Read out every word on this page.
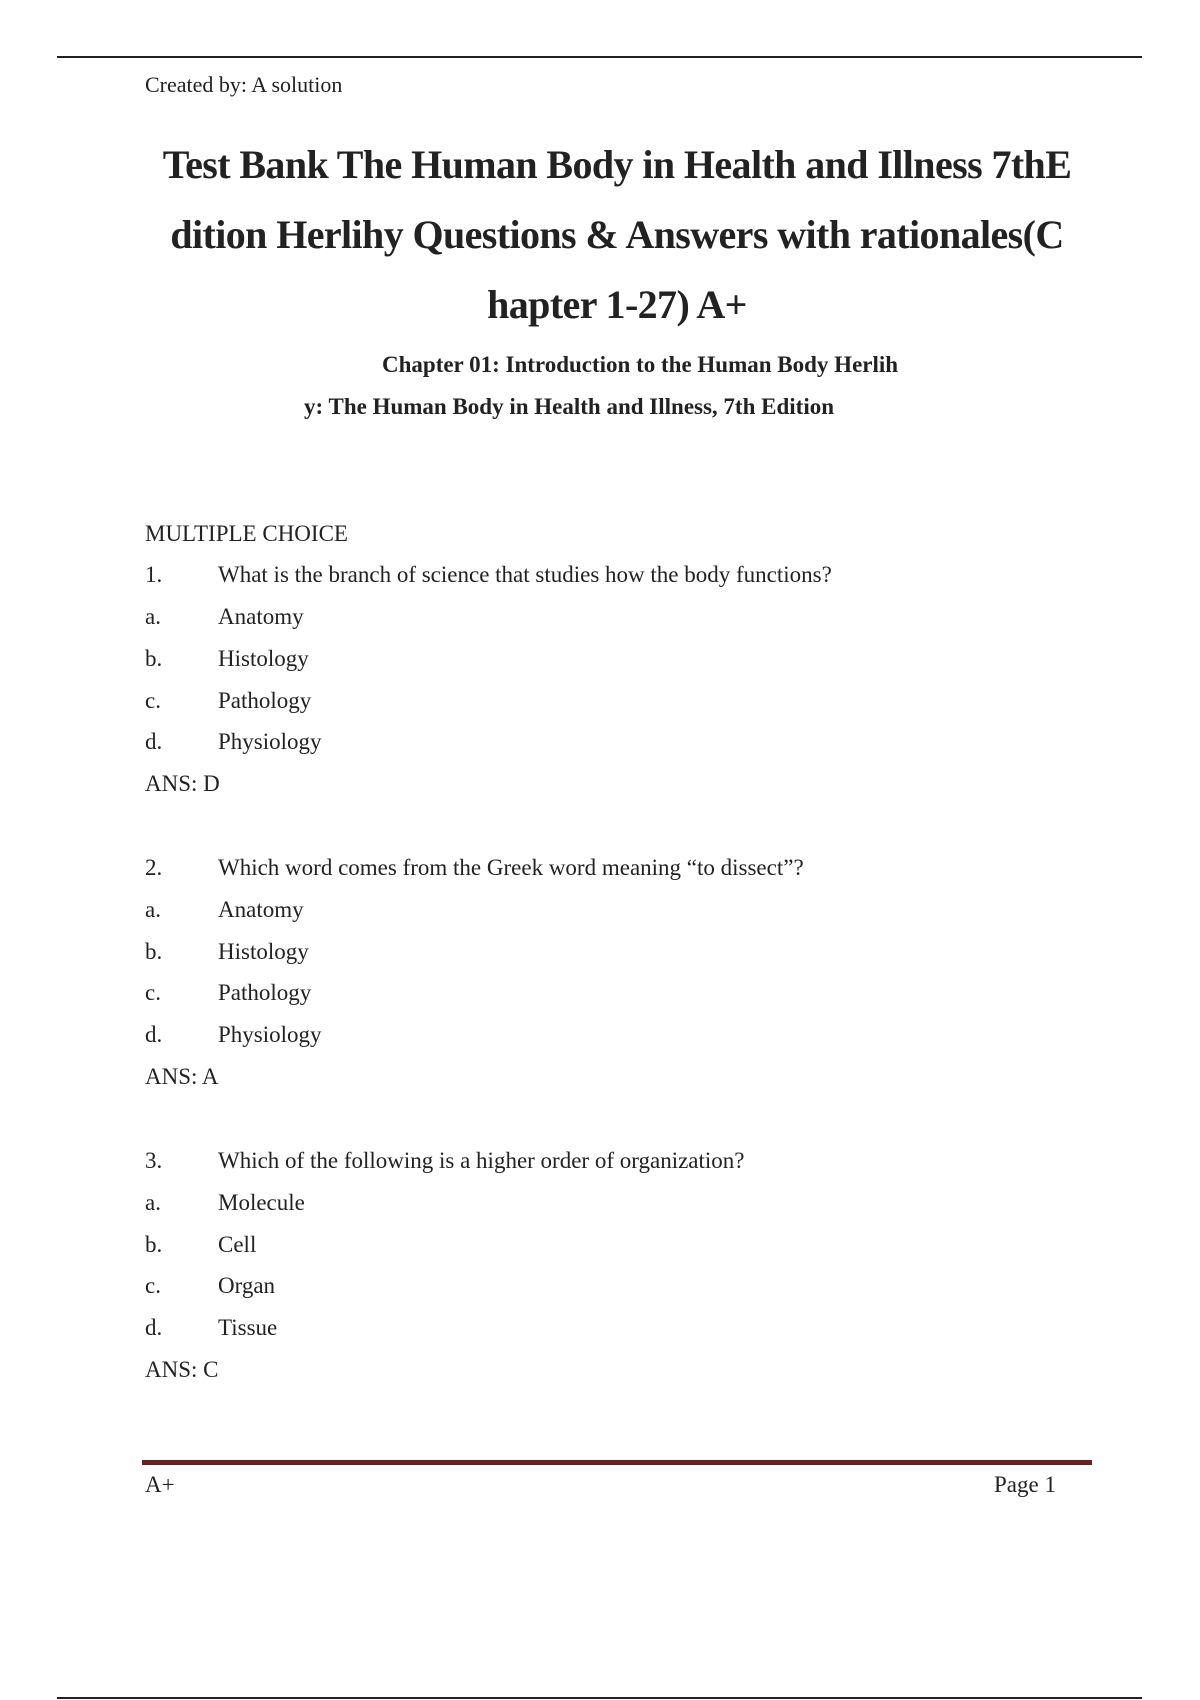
Created by: A solution
Test Bank The Human Body in Health and Illness 7thE
dition Herlihy Questions & Answers with rationales(C
hapter 1-27) A+
Chapter 01: Introduction to the Human Body Herlih
y: The Human Body in Health and Illness, 7th Edition
MULTIPLE CHOICE
1. What is the branch of science that studies how the body functions?
a. Anatomy
b. Histology
c. Pathology
d. Physiology
ANS: D
2. Which word comes from the Greek word meaning “to dissect”?
a. Anatomy
b. Histology
c. Pathology
d. Physiology
ANS: A
3. Which of the following is a higher order of organization?
a. Molecule
b. Cell
c. Organ
d. Tissue
ANS: C
A+	Page 1
